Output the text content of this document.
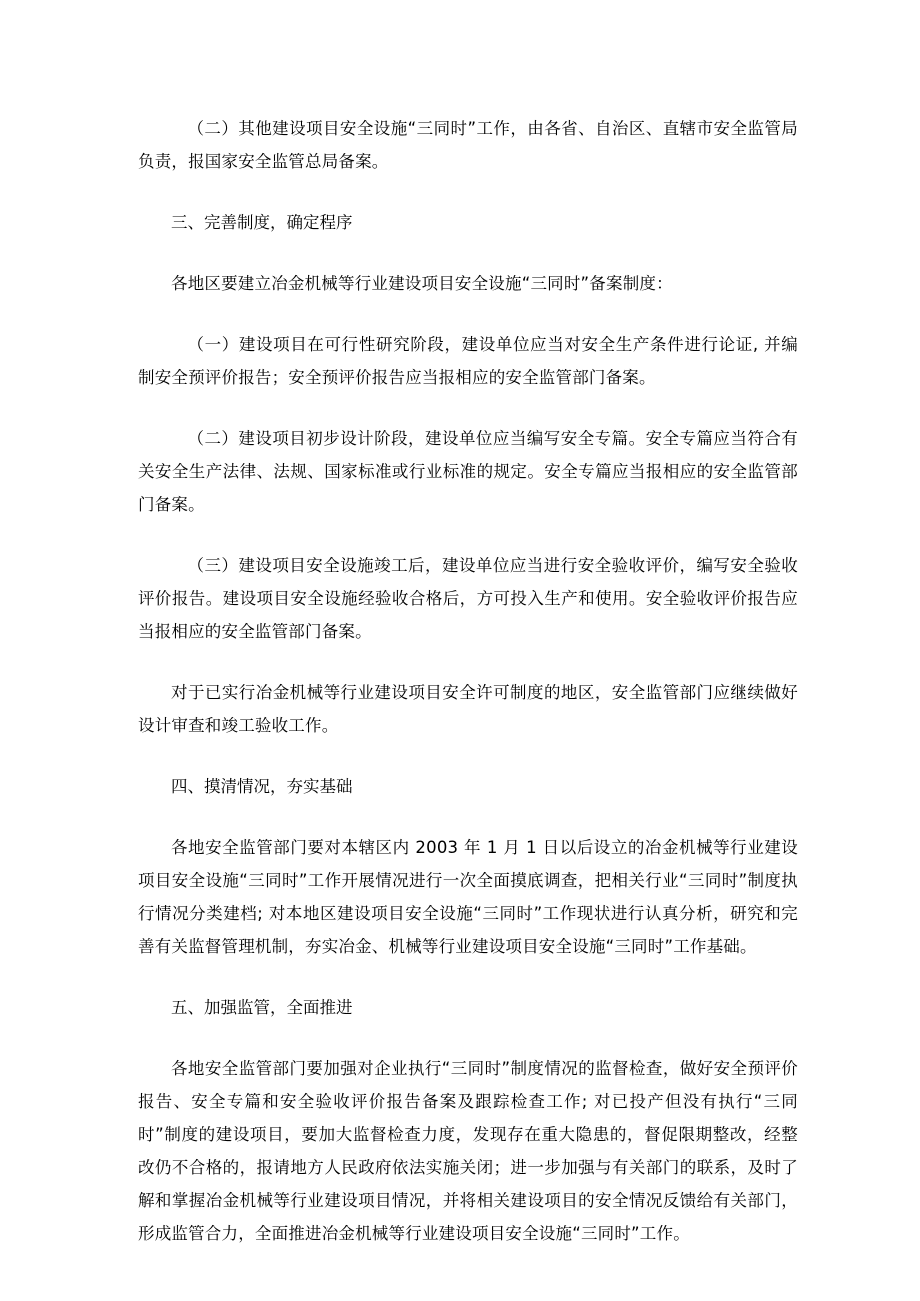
（二）其他建设项目安全设施“三同时”工作，由各省、自治区、直辖市安全监管局负责，报国家安全监管总局备案。

三、完善制度，确定程序

各地区要建立冶金机械等行业建设项目安全设施“三同时”备案制度：

（一）建设项目在可行性研究阶段，建设单位应当对安全生产条件进行论证, 并编制安全预评价报告；安全预评价报告应当报相应的安全监管部门备案。

（二）建设项目初步设计阶段，建设单位应当编写安全专篇。安全专篇应当符合有关安全生产法律、法规、国家标准或行业标准的规定。安全专篇应当报相应的安全监管部门备案。

（三）建设项目安全设施竣工后，建设单位应当进行安全验收评价，编写安全验收评价报告。建设项目安全设施经验收合格后，方可投入生产和使用。安全验收评价报告应当报相应的安全监管部门备案。

对于已实行冶金机械等行业建设项目安全许可制度的地区，安全监管部门应继续做好设计审查和竣工验收工作。

四、摸清情况，夯实基础

各地安全监管部门要对本辖区内 2003 年 1 月 1 日以后设立的冶金机械等行业建设项目安全设施“三同时”工作开展情况进行一次全面摸底调查，把相关行业“三同时”制度执行情况分类建档; 对本地区建设项目安全设施“三同时”工作现状进行认真分析，研究和完善有关监督管理机制，夯实冶金、机械等行业建设项目安全设施“三同时”工作基础。

五、加强监管，全面推进

各地安全监管部门要加强对企业执行“三同时”制度情况的监督检查，做好安全预评价报告、安全专篇和安全验收评价报告备案及跟踪检查工作; 对已投产但没有执行“三同时”制度的建设项目，要加大监督检查力度，发现存在重大隐患的，督促限期整改，经整改仍不合格的，报请地方人民政府依法实施关闭；进一步加强与有关部门的联系，及时了解和掌握冶金机械等行业建设项目情况，并将相关建设项目的安全情况反馈给有关部门，形成监管合力，全面推进冶金机械等行业建设项目安全设施“三同时”工作。
